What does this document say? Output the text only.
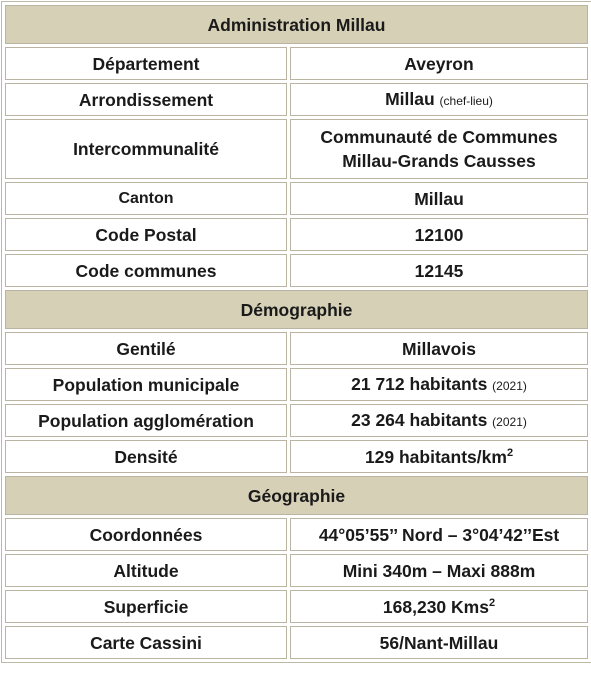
Administration Millau	
Département	Aveyron
Arrondissement	Millau (chef-lieu)
Intercommunalité	Communauté de Communes
Millau-Grands Causses
Canton	Millau
Code Postal	12100
Code communes	12145
Démographie	
Gentilé	Millavois
Population municipale	21 712 habitants (2021)
Population agglomération	23 264 habitants (2021)
Densité	129 habitants/$km^2$
Géographie	
Coordonnées	44°05’55’’ Nord – 3°04’42’’Est
Altitude	Mini 340m – Maxi 888m
Superficie	168,230 Kms$^2$
Carte Cassini	56/Nant-Millau
